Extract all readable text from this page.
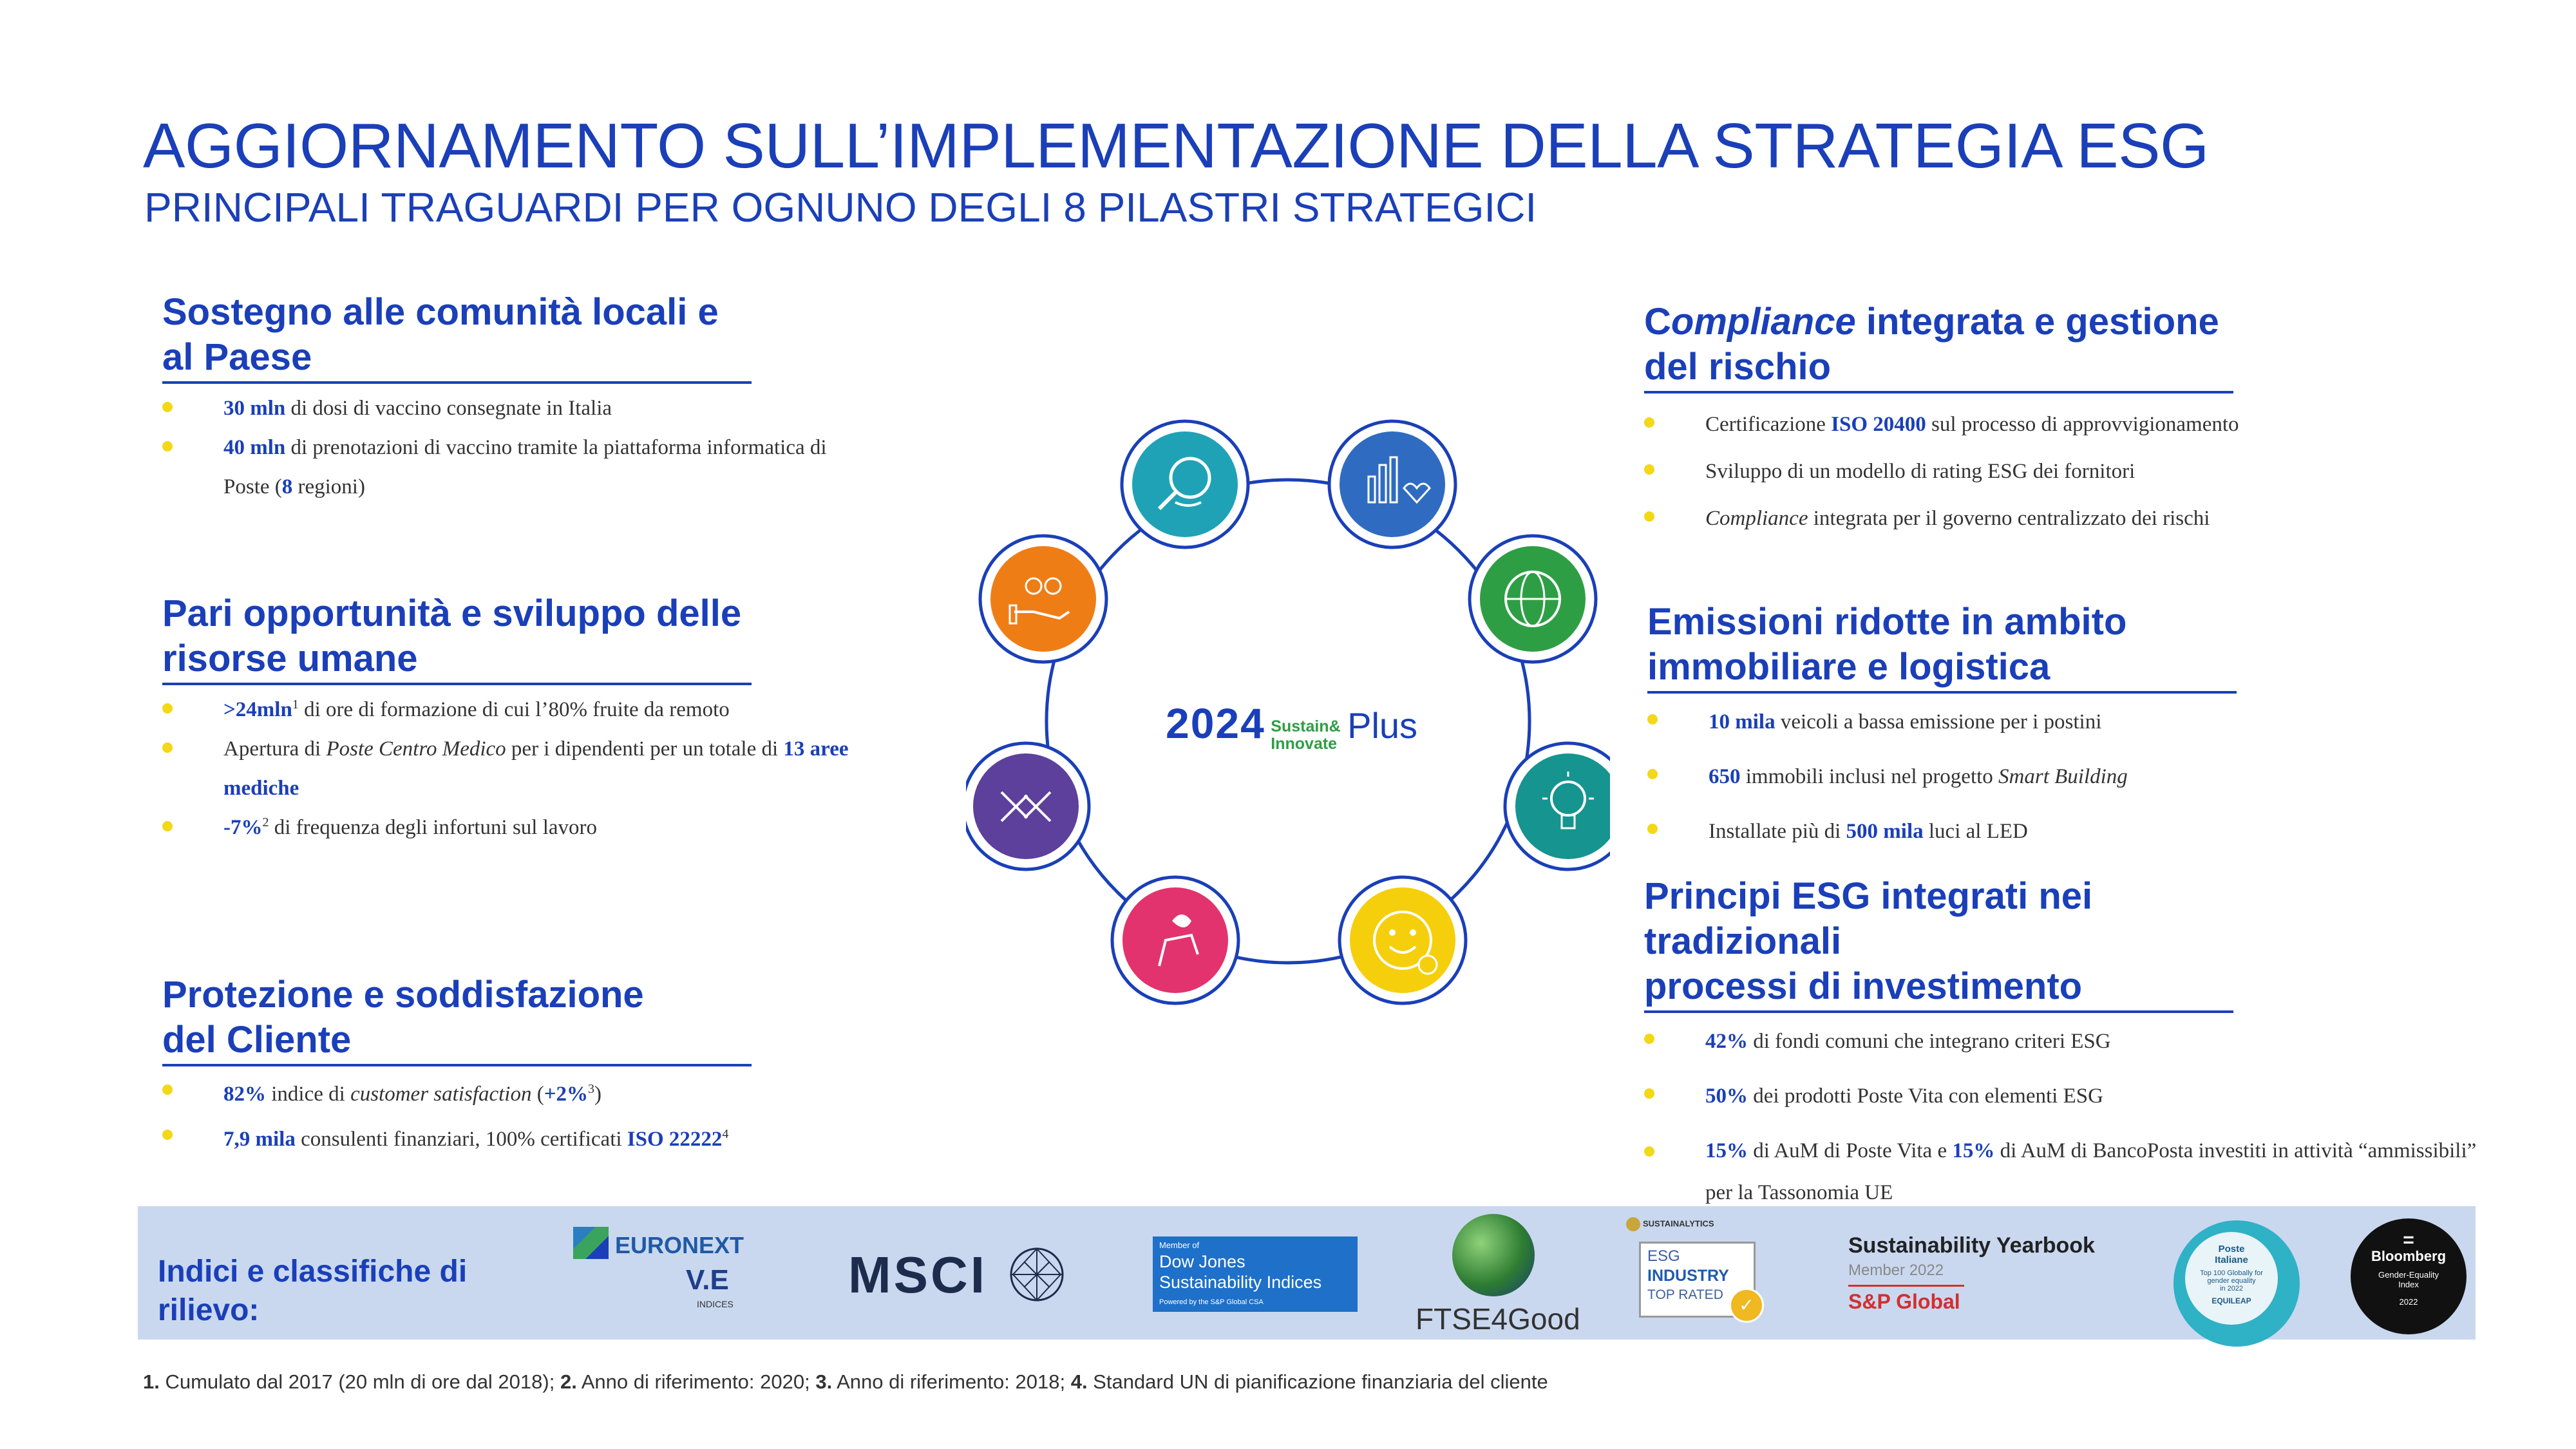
AGGIORNAMENTO SULL’IMPLEMENTAZIONE DELLA STRATEGIA ESG
PRINCIPALI TRAGUARDI PER OGNUNO DEGLI 8 PILASTRI STRATEGICI
Sostegno alle comunità locali e
al Paese
30 mln di dosi di vaccino consegnate in Italia
40 mln di prenotazioni di vaccino tramite la piattaforma informatica di
Poste (8 regioni)
Pari opportunità e sviluppo delle
risorse umane
>24mln$^1$ di ore di formazione di cui l’80% fruite da remoto
Apertura di Poste Centro Medico per i dipendenti per un totale di 13 aree
mediche
-7%$^2$ di frequenza degli infortuni sul lavoro
Protezione e soddisfazione
del Cliente
82% indice di customer satisfaction (+2%$^3$)
7,9 mila consulenti finanziari, 100% certificati ISO 22222$^4$
Compliance integrata e gestione
del rischio
Certificazione ISO 20400 sul processo di approvvigionamento
Sviluppo di un modello di rating ESG dei fornitori
Compliance integrata per il governo centralizzato dei rischi
Emissioni ridotte in ambito
immobiliare e logistica
10 mila veicoli a bassa emissione per i postini
650 immobili inclusi nel progetto Smart Building
Installate più di 500 mila luci al LED
Principi ESG integrati nei tradizionali
processi di investimento
42% di fondi comuni che integrano criteri ESG
50% dei prodotti Poste Vita con elementi ESG
15% di AuM di Poste Vita e 15% di AuM di BancoPosta investiti in attività “ammissibili”
per la Tassonomia UE
2024 Sustain&
Innovate Plus
Indici e classifiche di
rilievo:
EURONEXT
V.E
INDICES
MSCI
Member of
Dow Jones
Sustainability Indices
Powered by the S&P Global CSA	FTSE4Good
SUSTAINALYTICS
ESG
INDUSTRY
TOP RATED
✓
Sustainability Yearbook
Member 2022
S&P Global
Poste
Italiane
Top 100 Globally for
gender equality
in 2022
EQUILEAP
=
Bloomberg
Gender-Equality
Index
2022
1. Cumulato dal 2017 (20 mln di ore dal 2018); 2. Anno di riferimento: 2020; 3. Anno di riferimento: 2018; 4. Standard UN di pianificazione finanziaria del cliente
